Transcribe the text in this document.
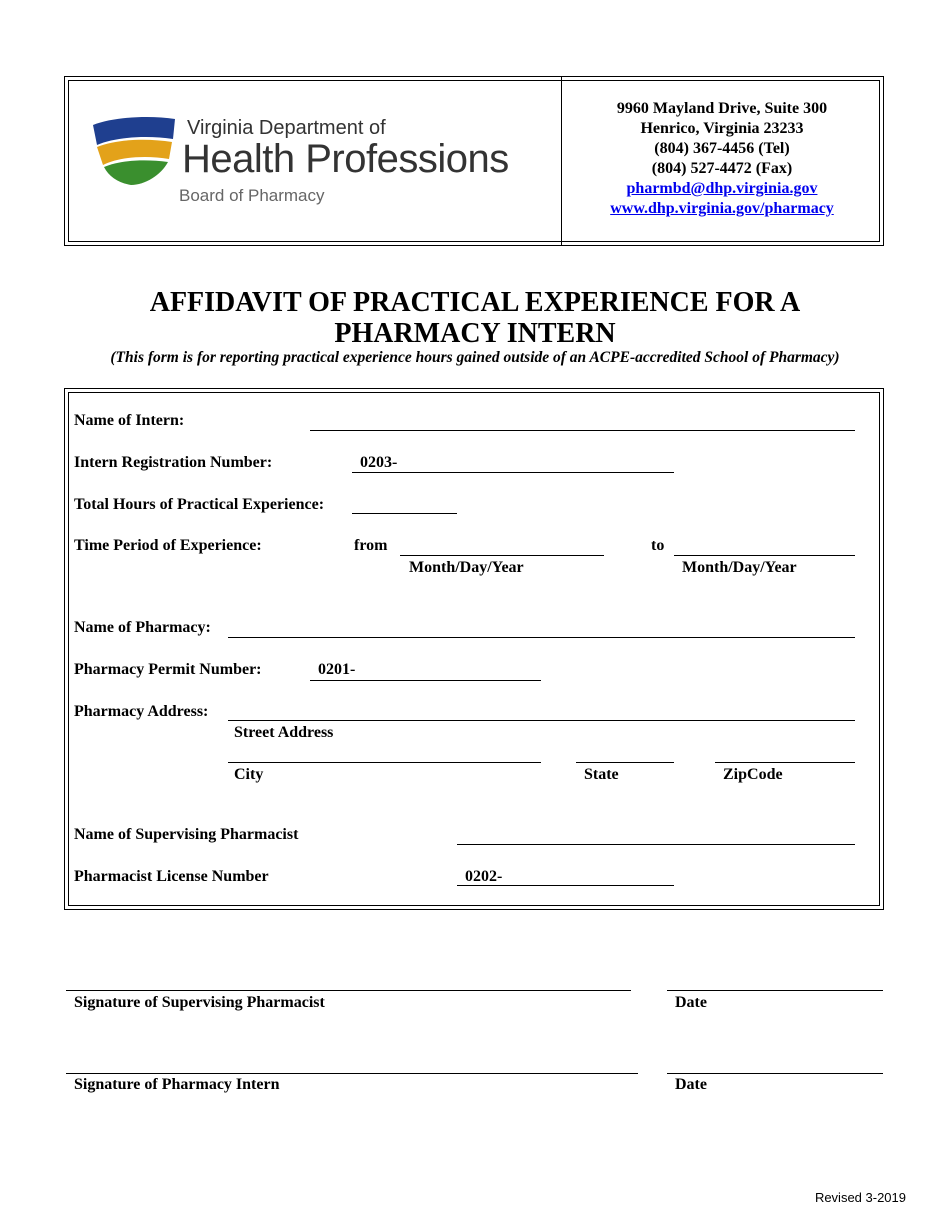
Virginia Department of
Health Professions
Board of Pharmacy
9960 Mayland Drive, Suite 300
Henrico, Virginia 23233
(804) 367-4456 (Tel)
(804) 527-4472 (Fax)
pharmbd@dhp.virginia.gov
www.dhp.virginia.gov/pharmacy
AFFIDAVIT OF PRACTICAL EXPERIENCE FOR A
PHARMACY INTERN
(This form is for reporting practical experience hours gained outside of an ACPE-accredited School of Pharmacy)
Name of Intern:
Intern Registration Number:	0203-
Total Hours of Practical Experience:
Time Period of Experience:	from
Month/Day/Year
to
Month/Day/Year
Name of Pharmacy:
Pharmacy Permit Number:	0201-
Pharmacy Address:
Street Address
City	State	ZipCode
Name of Supervising Pharmacist
Pharmacist License Number	0202-
Signature of Supervising Pharmacist	Date
Signature of Pharmacy Intern	Date
Revised 3-2019
